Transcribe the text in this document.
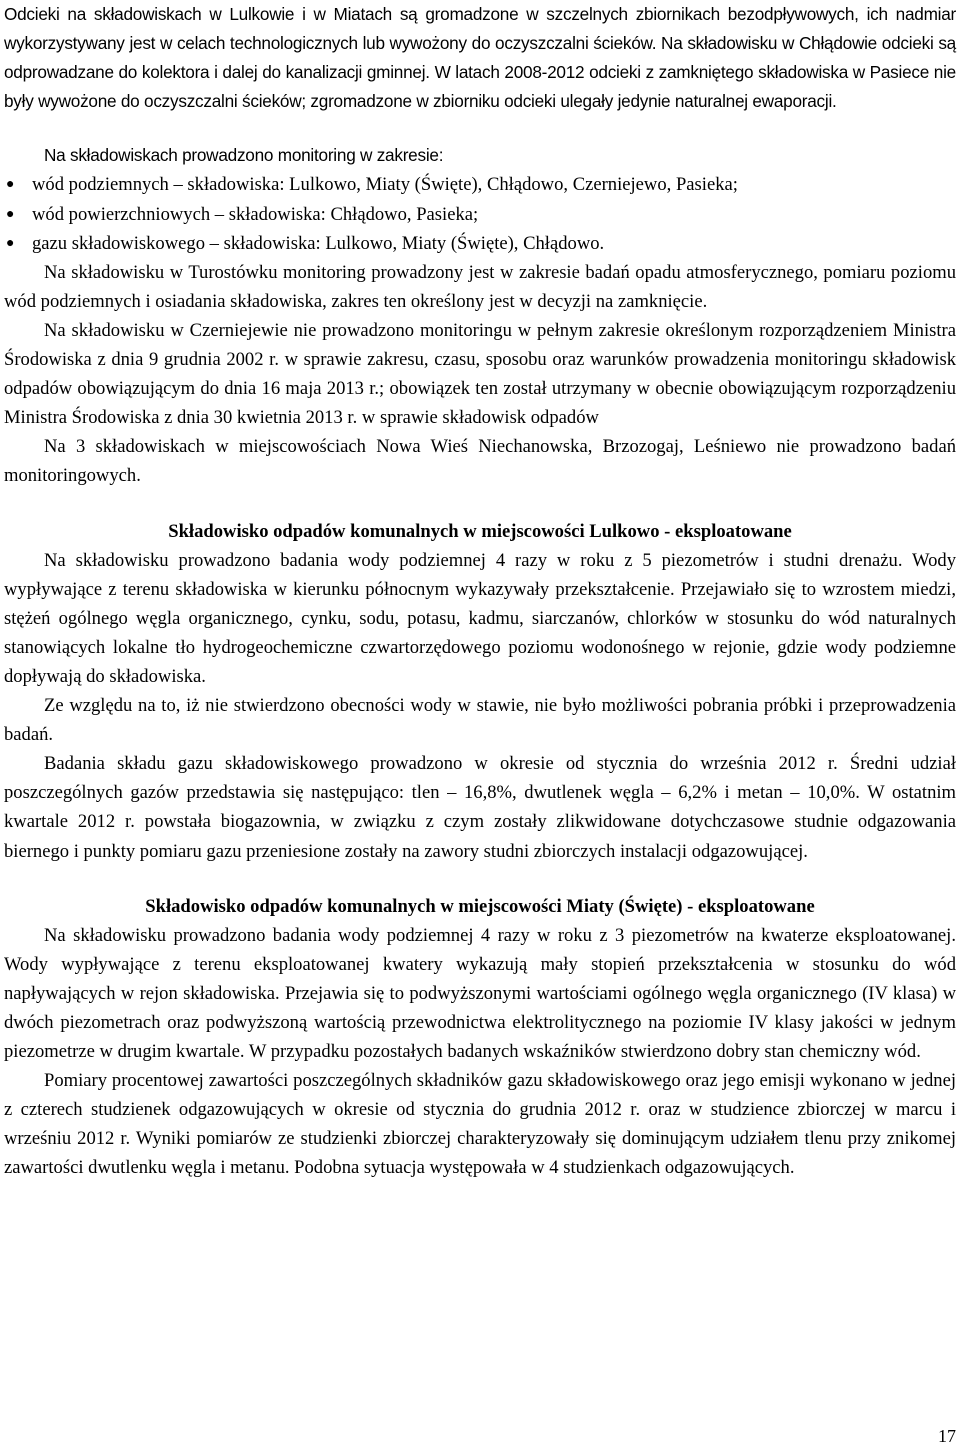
Odcieki na składowiskach w Lulkowie i w Miatach są gromadzone w szczelnych zbiornikach bezodpływowych, ich nadmiar wykorzystywany jest w celach technologicznych lub wywożony do oczyszczalni ścieków. Na składowisku w Chłądowie odcieki są odprowadzane do kolektora i dalej do kanalizacji gminnej. W latach 2008-2012 odcieki z zamkniętego składowiska w Pasiece nie były wywożone do oczyszczalni ścieków; zgromadzone w zbiorniku odcieki ulegały jedynie naturalnej ewaporacji.

Na składowiskach prowadzono monitoring w zakresie:

● wód podziemnych – składowiska: Lulkowo, Miaty (Święte), Chłądowo, Czerniejewo, Pasieka;
● wód powierzchniowych – składowiska: Chłądowo, Pasieka;
● gazu składowiskowego – składowiska: Lulkowo, Miaty (Święte), Chłądowo.

Na składowisku w Turostówku monitoring prowadzony jest w zakresie badań opadu atmosferycznego, pomiaru poziomu wód podziemnych i osiadania składowiska, zakres ten określony jest w decyzji na zamknięcie.

Na składowisku w Czerniejewie nie prowadzono monitoringu w pełnym zakresie określonym rozporządzeniem Ministra Środowiska z dnia 9 grudnia 2002 r. w sprawie zakresu, czasu, sposobu oraz warunków prowadzenia monitoringu składowisk odpadów obowiązującym do dnia 16 maja 2013 r.; obowiązek ten został utrzymany w obecnie obowiązującym rozporządzeniu Ministra Środowiska z dnia 30 kwietnia 2013 r. w sprawie składowisk odpadów

Na 3 składowiskach w miejscowościach Nowa Wieś Niechanowska, Brzozogaj, Leśniewo nie prowadzono badań monitoringowych.

Składowisko odpadów komunalnych w miejscowości Lulkowo - eksploatowane

Na składowisku prowadzono badania wody podziemnej 4 razy w roku z 5 piezometrów i studni drenażu. Wody wypływające z terenu składowiska w kierunku północnym wykazywały przekształcenie. Przejawiało się to wzrostem miedzi, stężeń ogólnego węgla organicznego, cynku, sodu, potasu, kadmu, siarczanów, chlorków w stosunku do wód naturalnych stanowiących lokalne tło hydrogeochemiczne czwartorzędowego poziomu wodonośnego w rejonie, gdzie wody podziemne dopływają do składowiska.

Ze względu na to, iż nie stwierdzono obecności wody w stawie, nie było możliwości pobrania próbki i przeprowadzenia badań.

Badania składu gazu składowiskowego prowadzono w okresie od stycznia do września 2012 r. Średni udział poszczególnych gazów przedstawia się następująco: tlen – 16,8%, dwutlenek węgla – 6,2% i metan – 10,0%. W ostatnim kwartale 2012 r. powstała biogazownia, w związku z czym zostały zlikwidowane dotychczasowe studnie odgazowania biernego i punkty pomiaru gazu przeniesione zostały na zawory studni zbiorczych instalacji odgazowującej.

Składowisko odpadów komunalnych w miejscowości Miaty (Święte) - eksploatowane

Na składowisku prowadzono badania wody podziemnej 4 razy w roku z 3 piezometrów na kwaterze eksploatowanej. Wody wypływające z terenu eksploatowanej kwatery wykazują mały stopień przekształcenia w stosunku do wód napływających w rejon składowiska. Przejawia się to podwyższonymi wartościami ogólnego węgla organicznego (IV klasa) w dwóch piezometrach oraz podwyższoną wartością przewodnictwa elektrolitycznego na poziomie IV klasy jakości w jednym piezometrze w drugim kwartale. W przypadku pozostałych badanych wskaźników stwierdzono dobry stan chemiczny wód.

Pomiary procentowej zawartości poszczególnych składników gazu składowiskowego oraz jego emisji wykonano w jednej z czterech studzienek odgazowujących w okresie od stycznia do grudnia 2012 r. oraz w studzience zbiorczej w marcu i wrześniu 2012 r. Wyniki pomiarów ze studzienki zbiorczej charakteryzowały się dominującym udziałem tlenu przy znikomej zawartości dwutlenku węgla i metanu. Podobna sytuacja występowała w 4 studzienkach odgazowujących.

17
